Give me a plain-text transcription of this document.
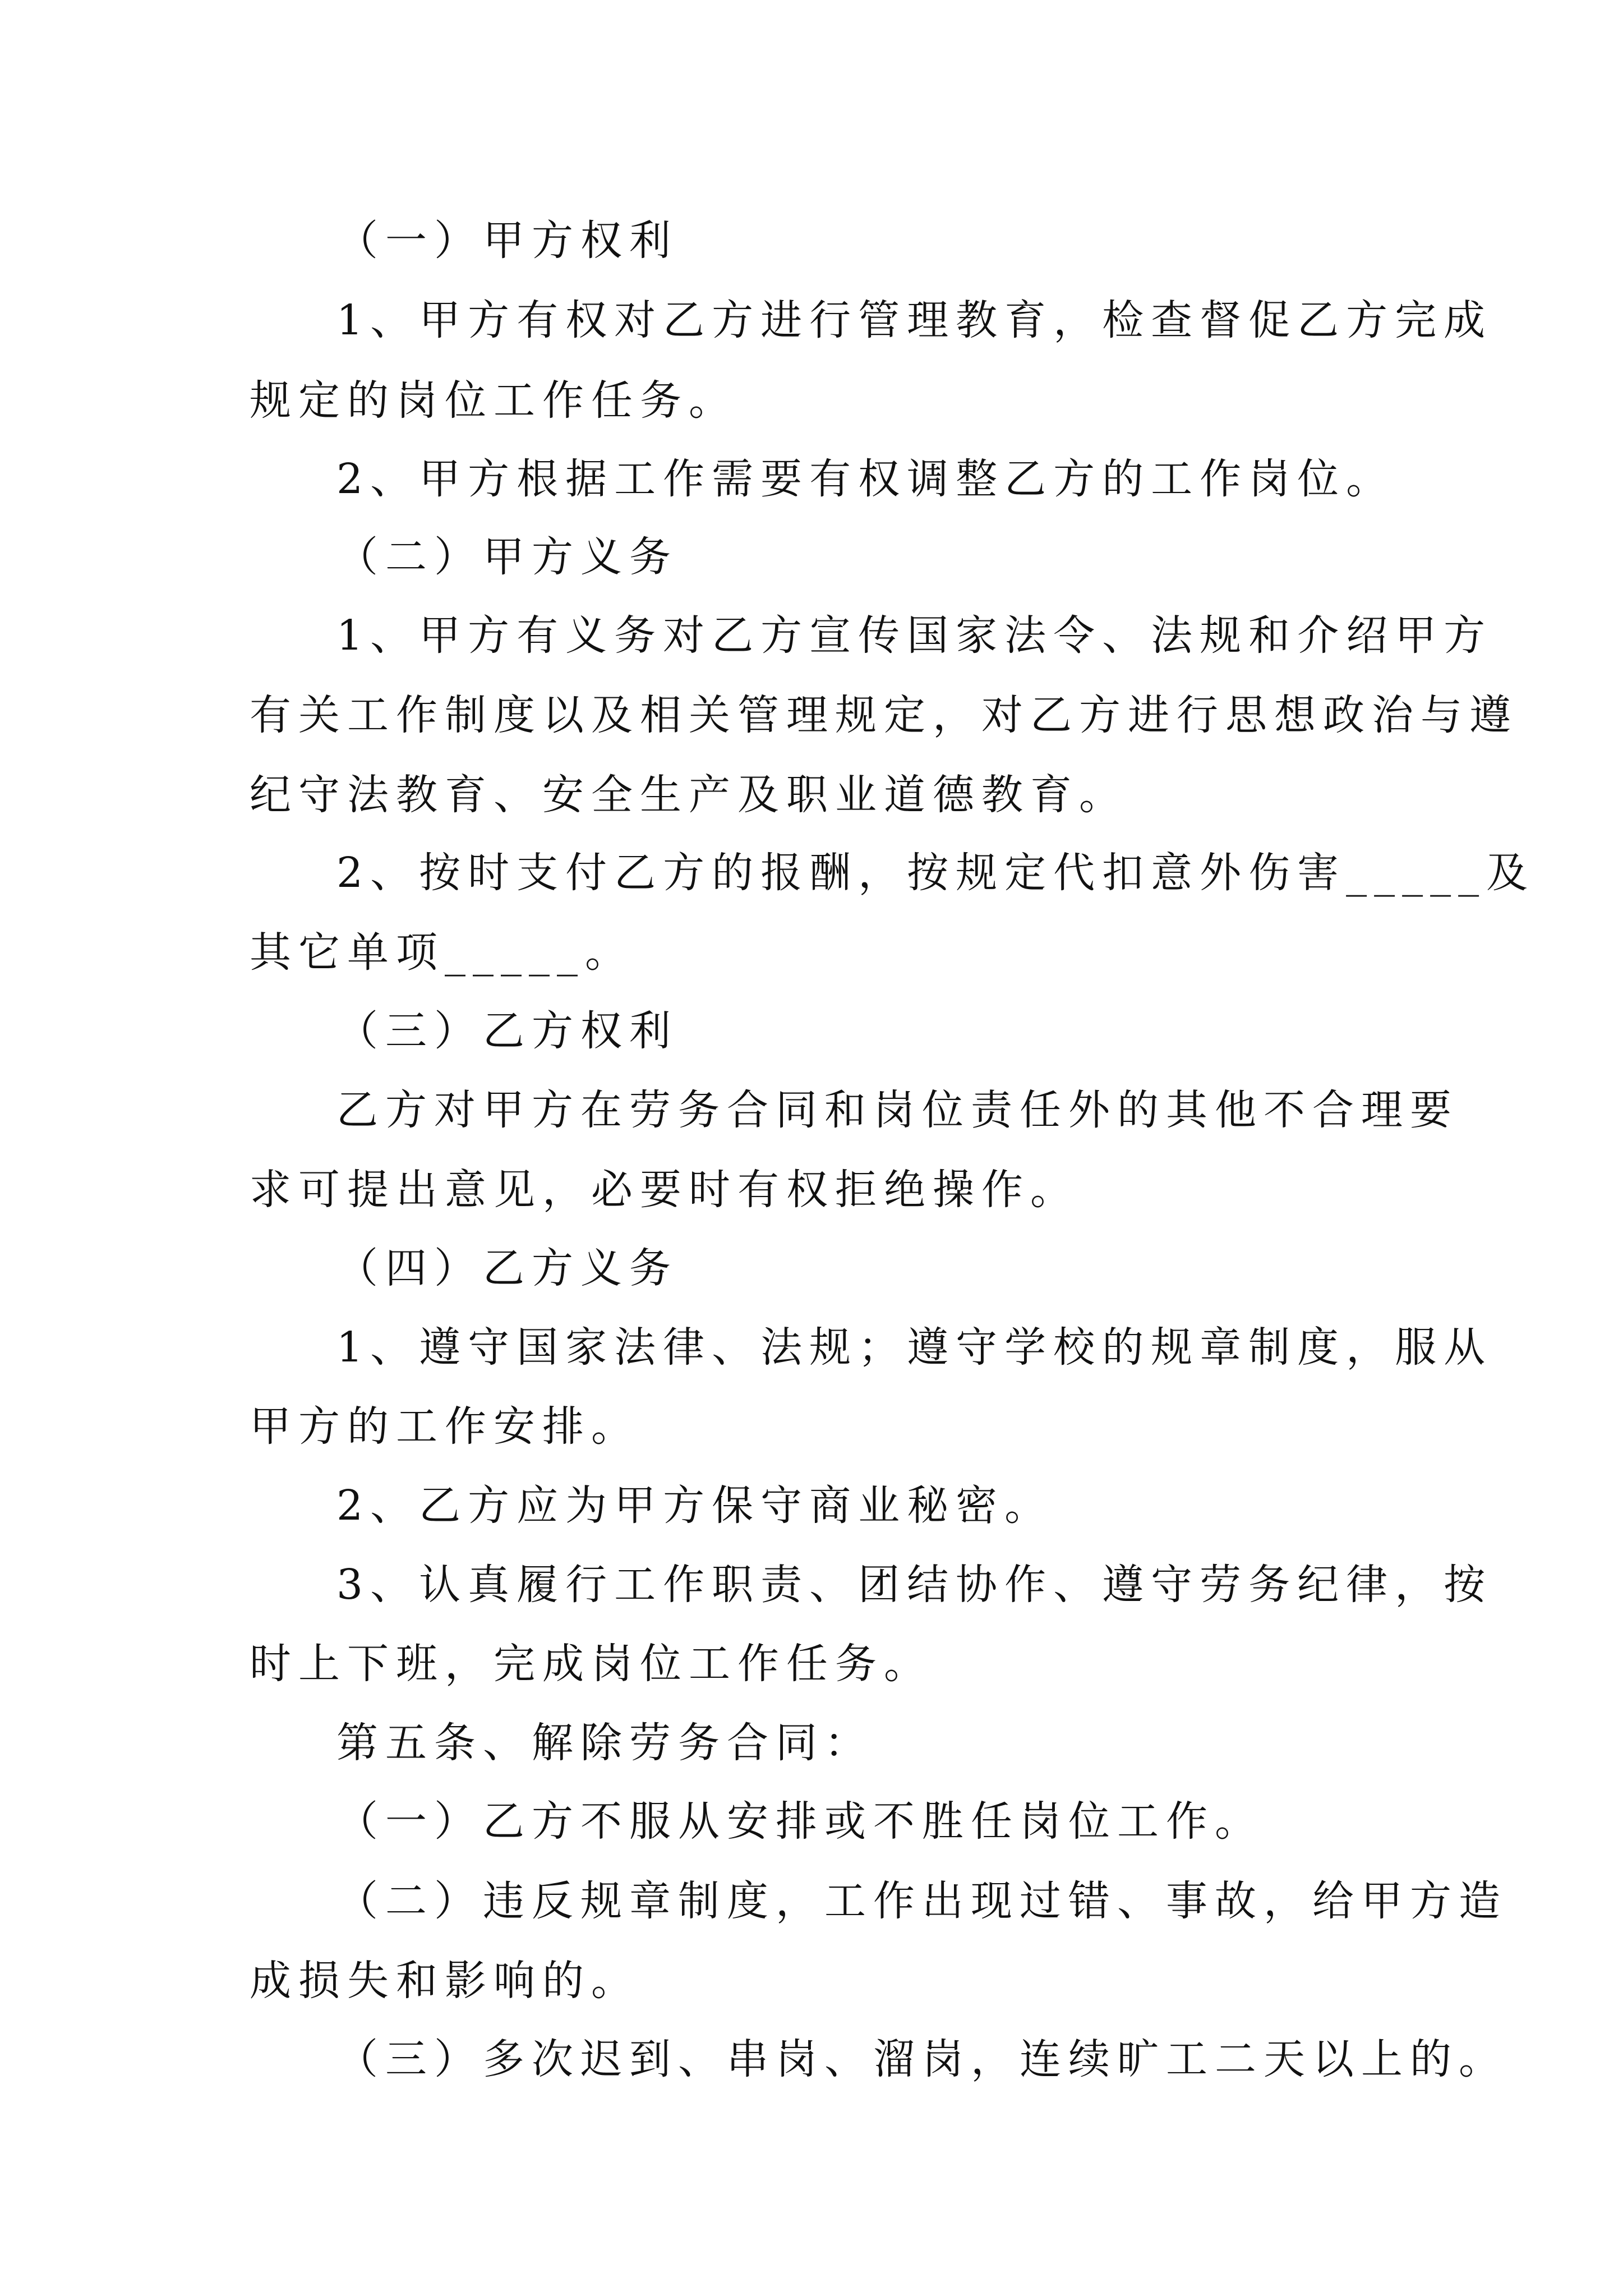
（一）甲方权利
1、甲方有权对乙方进行管理教育，检查督促乙方完成
规定的岗位工作任务。
2、甲方根据工作需要有权调整乙方的工作岗位。
（二）甲方义务
1、甲方有义务对乙方宣传国家法令、法规和介绍甲方
有关工作制度以及相关管理规定，对乙方进行思想政治与遵
纪守法教育、安全生产及职业道德教育。
2、按时支付乙方的报酬，按规定代扣意外伤害_____及
其它单项_____。
（三）乙方权利
乙方对甲方在劳务合同和岗位责任外的其他不合理要
求可提出意见，必要时有权拒绝操作。
（四）乙方义务
1、遵守国家法律、法规；遵守学校的规章制度，服从
甲方的工作安排。
2、乙方应为甲方保守商业秘密。
3、认真履行工作职责、团结协作、遵守劳务纪律，按
时上下班，完成岗位工作任务。
第五条、解除劳务合同：
（一）乙方不服从安排或不胜任岗位工作。
（二）违反规章制度，工作出现过错、事故，给甲方造
成损失和影响的。
（三）多次迟到、串岗、溜岗，连续旷工二天以上的。
